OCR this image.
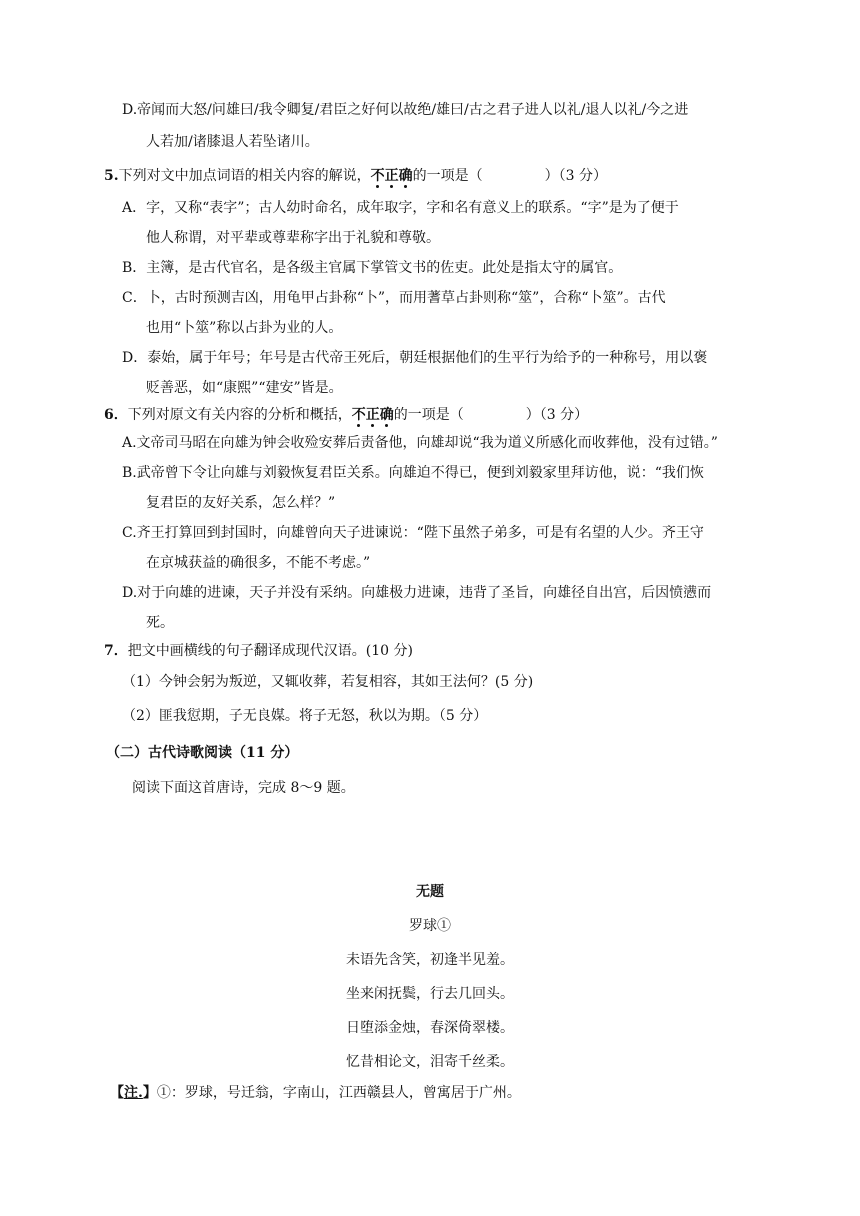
D.帝闻而大怒/问雄曰/我令卿复/君臣之好何以故绝/雄曰/古之君子进人以礼/退人以礼/今之进
人若加/诸膝退人若坠诸川。
5.下列对文中加点词语的相关内容的解说，不正确的一项是（	）（3 分）
A．字，又称“表字”；古人幼时命名，成年取字，字和名有意义上的联系。“字”是为了便于
他人称谓，对平辈或尊辈称字出于礼貌和尊敬。
B．主簿，是古代官名，是各级主官属下掌管文书的佐吏。此处是指太守的属官。
C．卜，古时预测吉凶，用龟甲占卦称“卜”，而用蓍草占卦则称“筮”，合称“卜筮”。古代
也用“卜筮”称以占卦为业的人。
D．泰始，属于年号；年号是古代帝王死后，朝廷根据他们的生平行为给予的一种称号，用以褒
贬善恶，如“康熙”“建安”皆是。
6．下列对原文有关内容的分析和概括，不正确的一项是（	）（3 分）
A.文帝司马昭在向雄为钟会收殓安葬后责备他，向雄却说“我为道义所感化而收葬他，没有过错。”
B.武帝曾下令让向雄与刘毅恢复君臣关系。向雄迫不得已，便到刘毅家里拜访他，说：“我们恢
复君臣的友好关系，怎么样？”
C.齐王打算回到封国时，向雄曾向天子进谏说：“陛下虽然子弟多，可是有名望的人少。齐王守
在京城获益的确很多，不能不考虑。”
D.对于向雄的进谏，天子并没有采纳。向雄极力进谏，违背了圣旨，向雄径自出宫，后因愤懑而
死。
7．把文中画横线的句子翻译成现代汉语。(10 分)
（1）今钟会躬为叛逆，又辄收葬，若复相容，其如王法何？(5 分)
（2）匪我愆期，子无良媒。将子无怒，秋以为期。（5 分）
（二）古代诗歌阅读（11 分）
阅读下面这首唐诗，完成 8～9 题。
无题
罗球①
未语先含笑，初逢半见羞。
坐来闲抚鬓，行去几回头。
日堕添金烛，春深倚翠楼。
忆昔相论文，泪寄千丝柔。
【注.】①：罗球，号迁翁，字南山，江西赣县人，曾寓居于广州。
